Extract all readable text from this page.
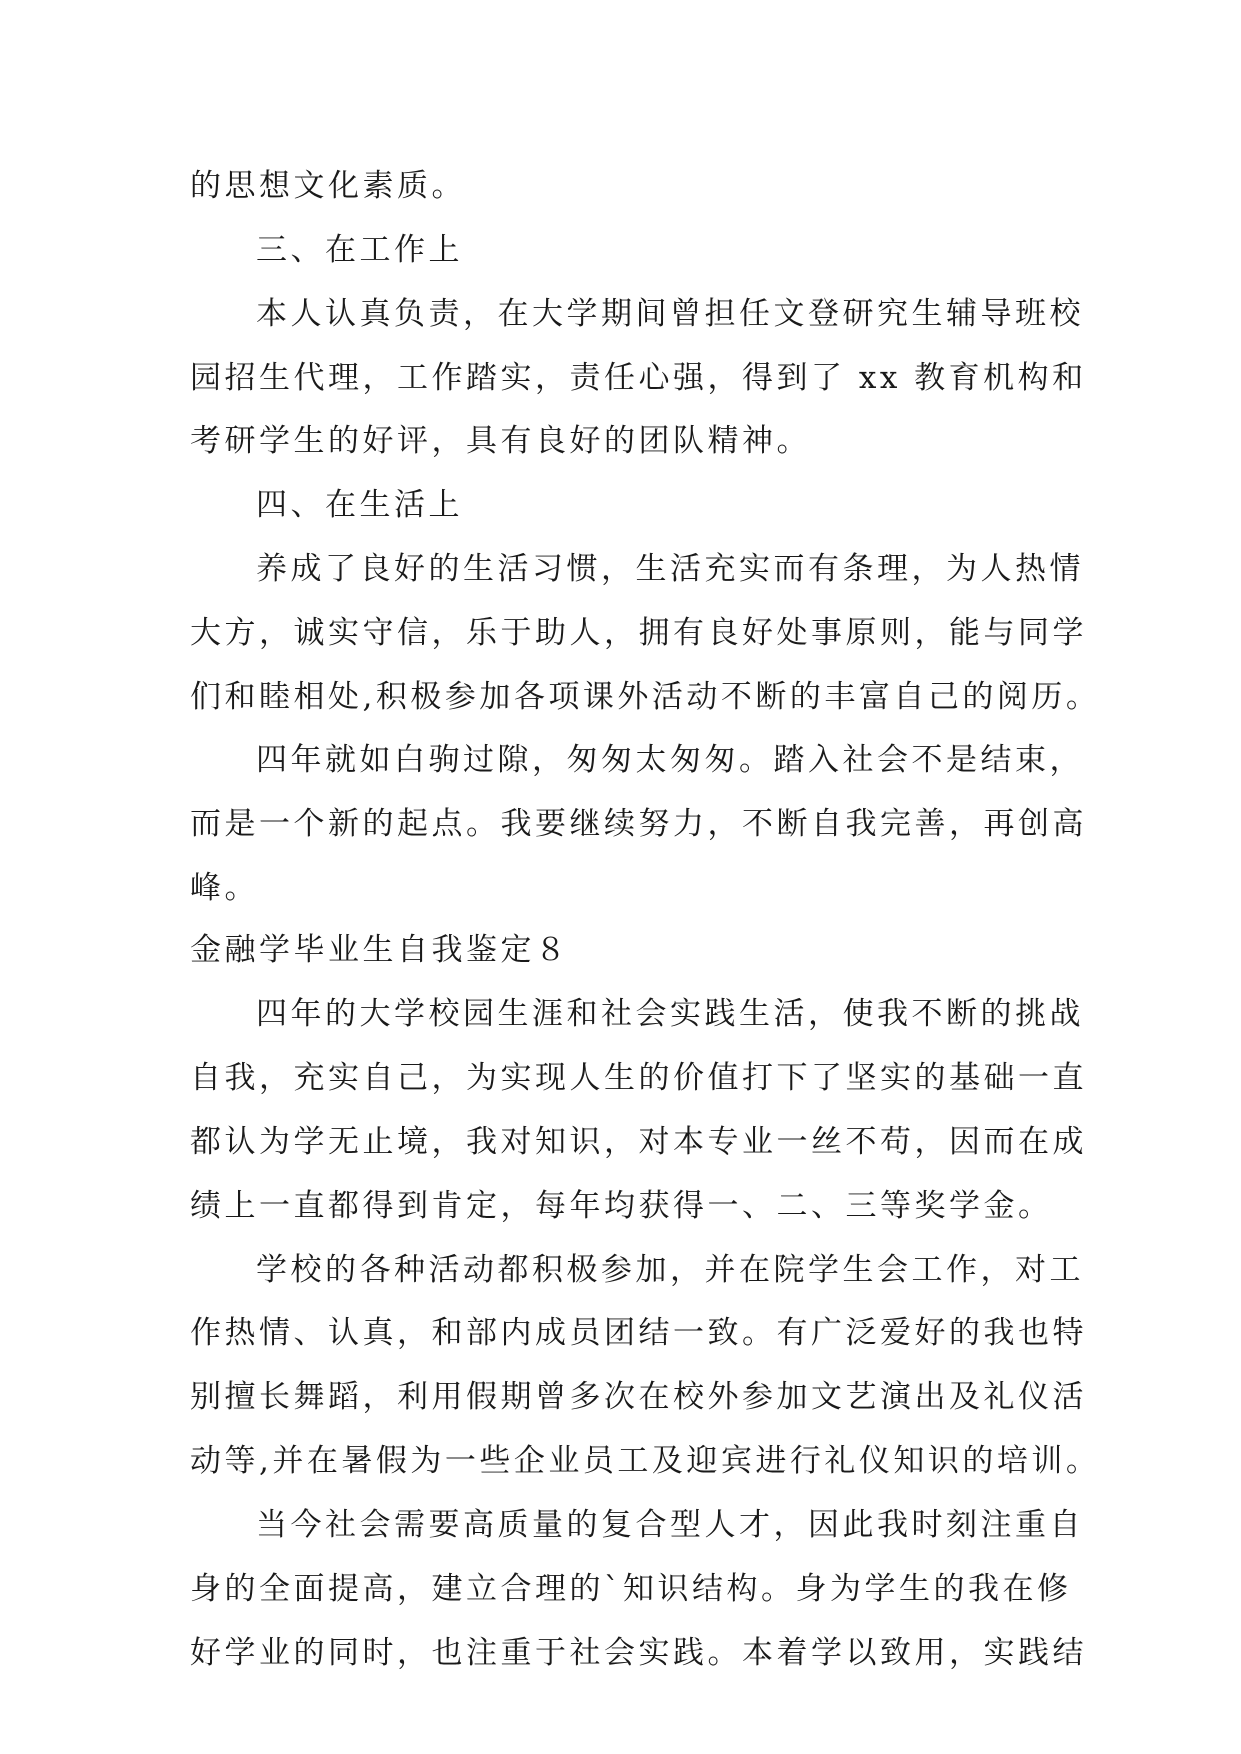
的思想文化素质。
三、在工作上
本人认真负责，在大学期间曾担任文登研究生辅导班校
园招生代理，工作踏实，责任心强，得到了 xx 教育机构和
考研学生的好评，具有良好的团队精神。
四、在生活上
养成了良好的生活习惯，生活充实而有条理，为人热情
大方，诚实守信，乐于助人，拥有良好处事原则，能与同学
们和睦相处,积极参加各项课外活动不断的丰富自己的阅历。
四年就如白驹过隙，匆匆太匆匆。踏入社会不是结束，
而是一个新的起点。我要继续努力，不断自我完善，再创高
峰。
金融学毕业生自我鉴定８
四年的大学校园生涯和社会实践生活，使我不断的挑战
自我，充实自己，为实现人生的价值打下了坚实的基础一直
都认为学无止境，我对知识，对本专业一丝不苟，因而在成
绩上一直都得到肯定，每年均获得一、二、三等奖学金。
学校的各种活动都积极参加，并在院学生会工作，对工
作热情、认真，和部内成员团结一致。有广泛爱好的我也特
别擅长舞蹈，利用假期曾多次在校外参加文艺演出及礼仪活
动等,并在暑假为一些企业员工及迎宾进行礼仪知识的培训。
当今社会需要高质量的复合型人才，因此我时刻注重自
身的全面提高，建立合理的`知识结构。身为学生的我在修
好学业的同时，也注重于社会实践。本着学以致用，实践结
